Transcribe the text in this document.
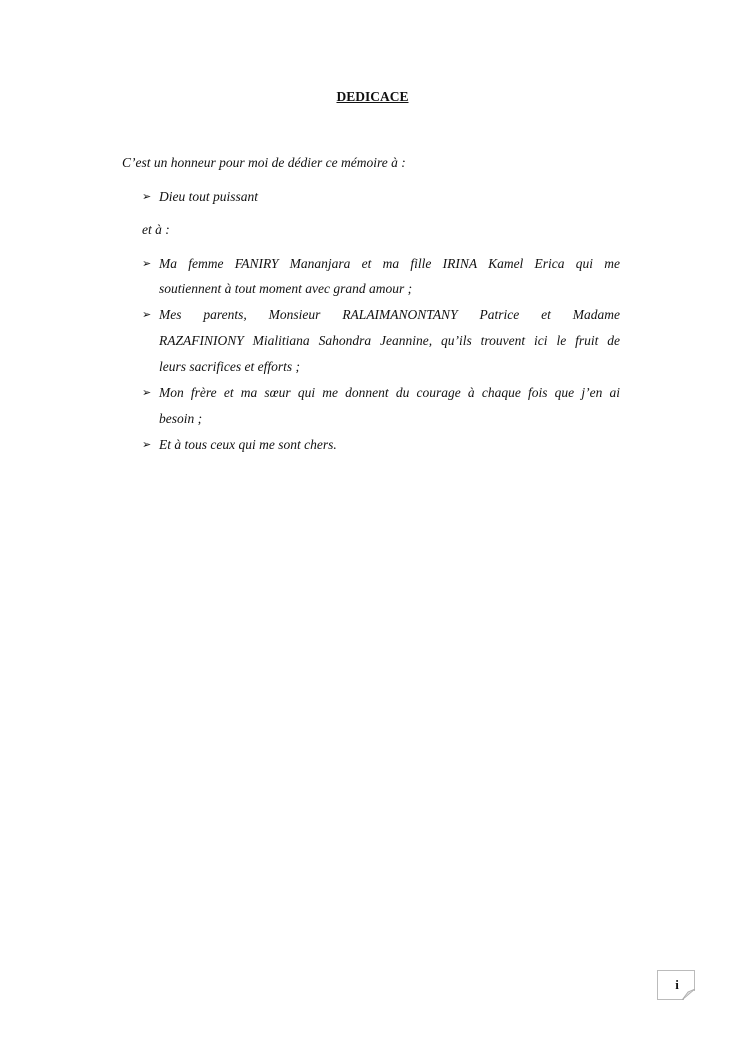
DEDICACE
C’est un honneur pour moi de dédier ce mémoire à :
➢ Dieu tout puissant
et à :
➢ Ma femme FANIRY Mananjara et ma fille IRINA Kamel Erica qui me
soutiennent à tout moment avec grand amour ;
➢ Mes parents, Monsieur RALAIMANONTANY Patrice et Madame
RAZAFINIONY Mialitiana Sahondra Jeannine, qu’ils trouvent ici le fruit de
leurs sacrifices et efforts ;
➢ Mon frère et ma sœur qui me donnent du courage à chaque fois que j’en ai
besoin ;
➢ Et à tous ceux qui me sont chers.
i
